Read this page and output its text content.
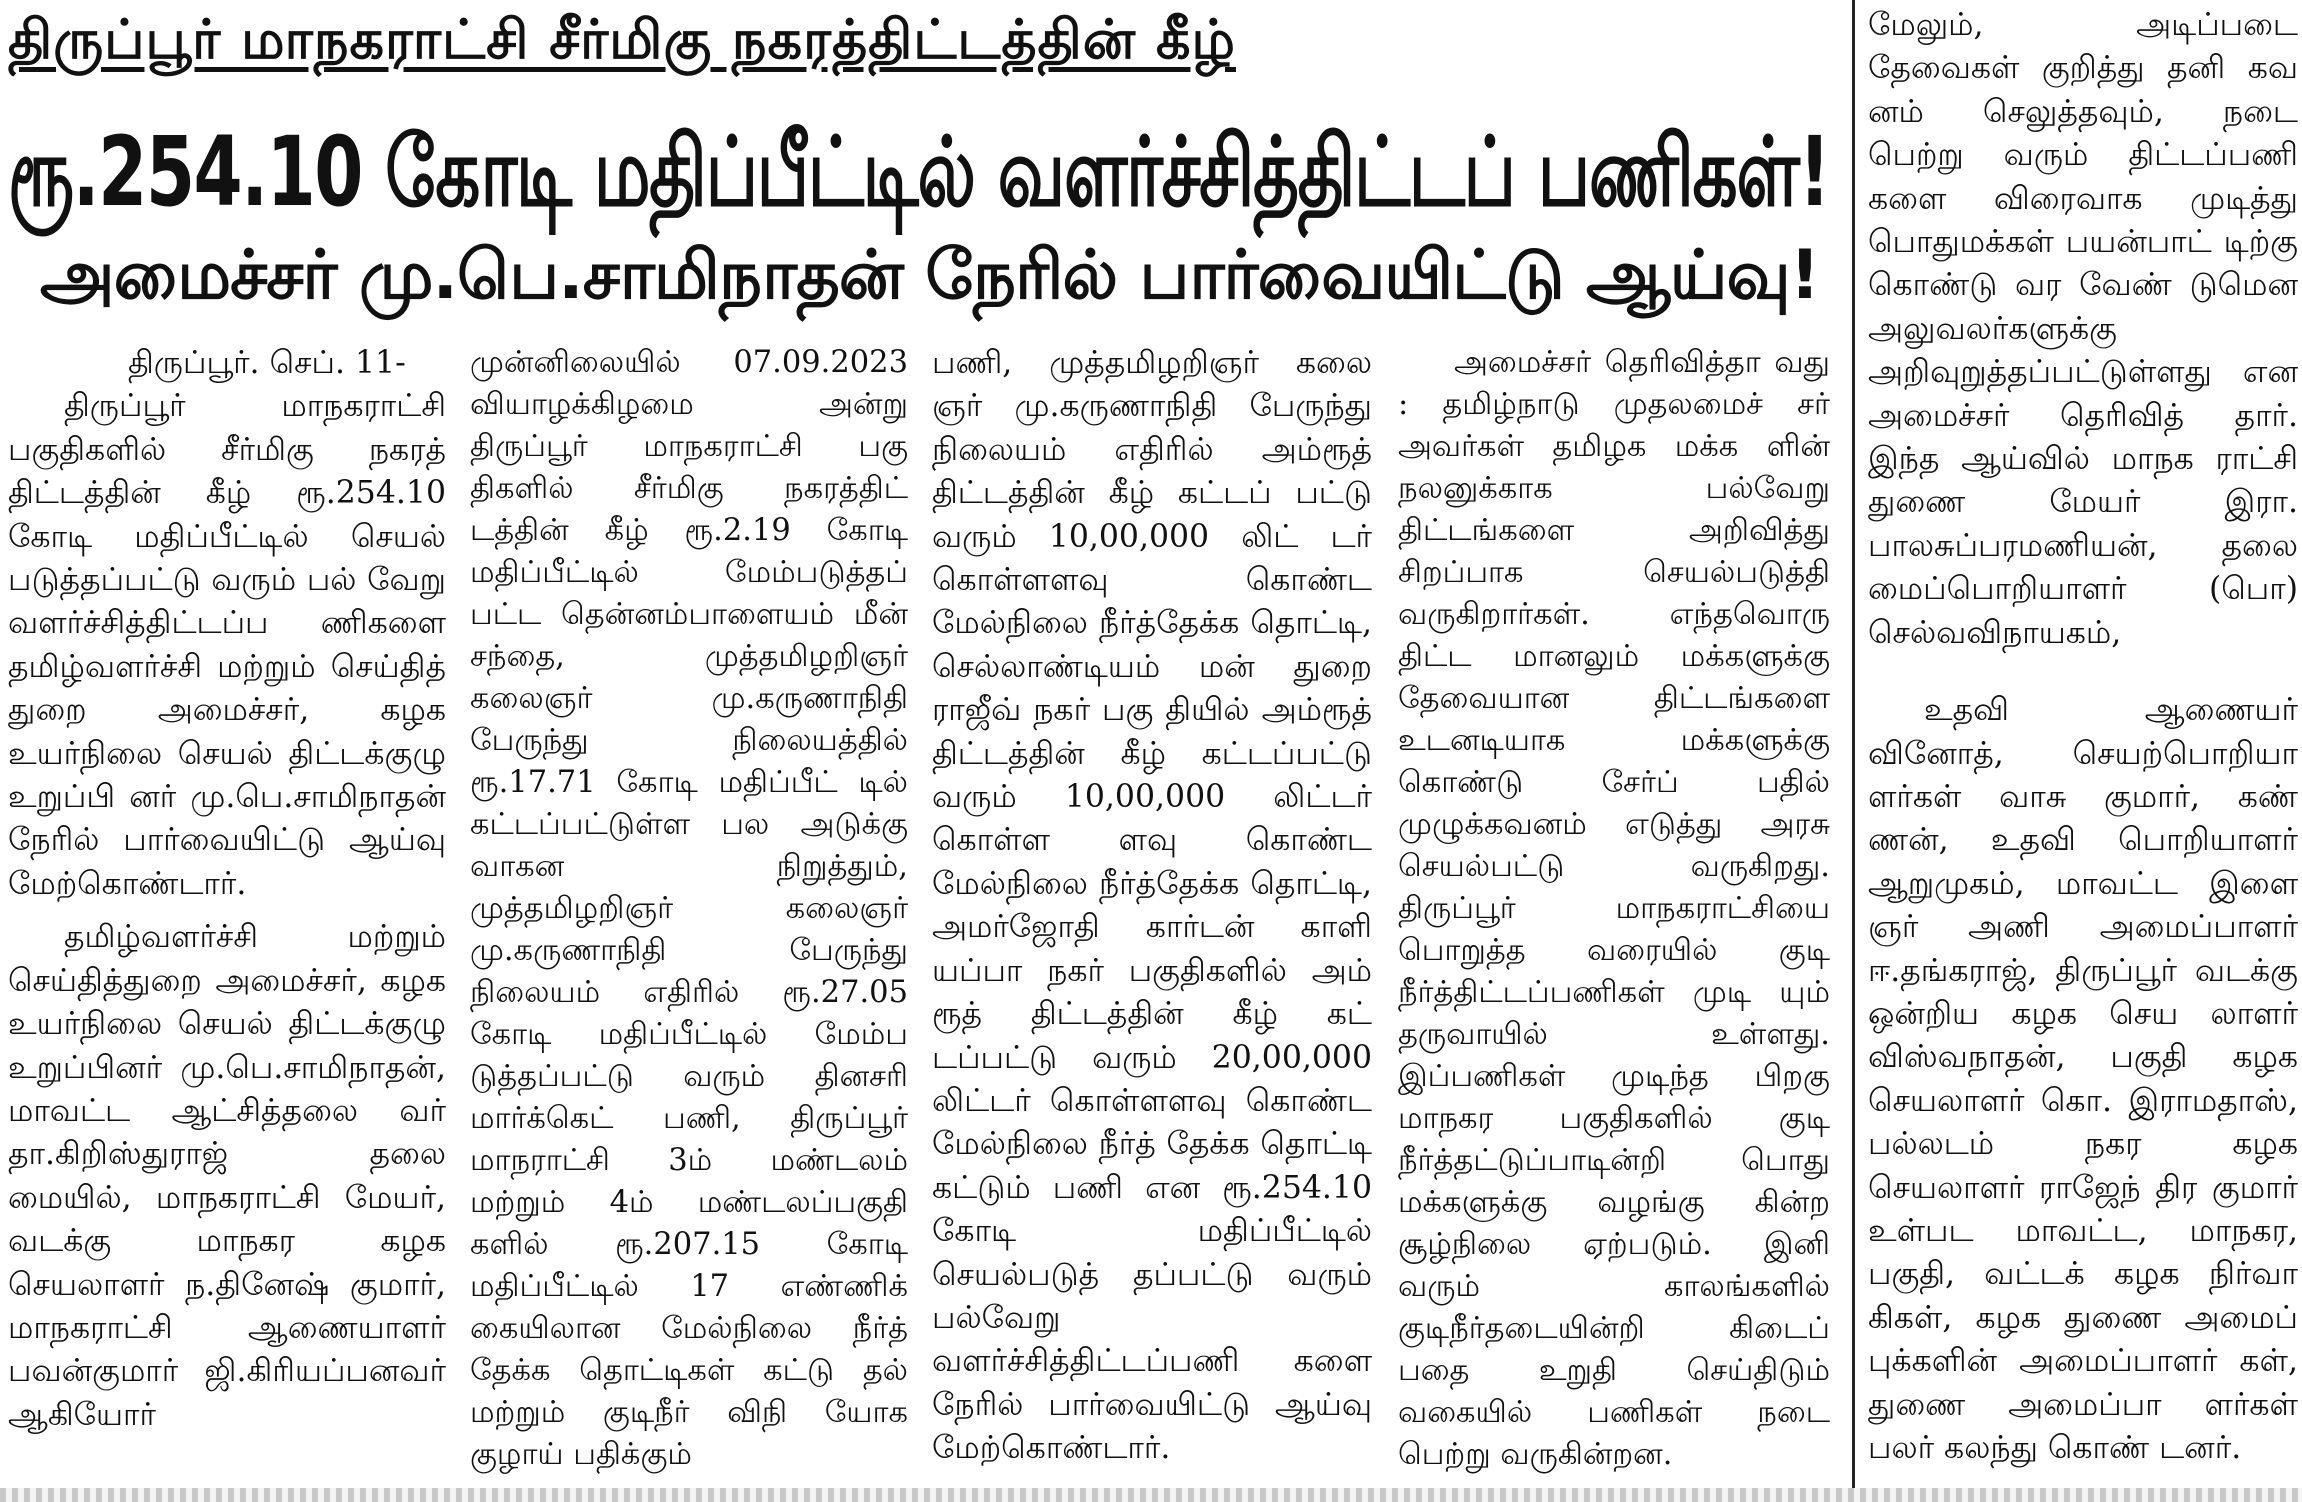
திருப்பூர் மாநகராட்சி சீர்மிகு நகரத்திட்டத்தின் கீழ்
ரூ.254.10 கோடி மதிப்பீட்டில் வளர்ச்சித்திட்டப் பணிகள்!
அமைச்சர் மு.பெ.சாமிநாதன் நேரில் பார்வையிட்டு ஆய்வு!

திருப்பூர். செப். 11-

திருப்பூர் மாநகராட்சி பகுதிகளில் சீர்மிகு நகரத் திட்டத்தின் கீழ் ரூ.254.10 கோடி மதிப்பீட்டில் செயல் படுத்தப்பட்டு வரும் பல் வேறு வளர்ச்சித்திட்டப்ப ணிகளை தமிழ்வளர்ச்சி மற்றும் செய்தித் துறை அமைச்சர், கழக உயர்நிலை செயல் திட்டக்குழு உறுப்பி னர் மு.பெ.சாமிநாதன் நேரில் பார்வையிட்டு ஆய்வு மேற்கொண்டார்.

தமிழ்வளர்ச்சி மற்றும் செய்தித்துறை அமைச்சர், கழக உயர்நிலை செயல் திட்டக்குழு உறுப்பினர் மு.பெ.சாமிநாதன், மாவட்ட ஆட்சித்தலை வர் தா.கிறிஸ்துராஜ் தலை மையில், மாநகராட்சி மேயர், வடக்கு மாநகர கழக செயலாளர் ந.தினேஷ் குமார், மாநகராட்சி ஆணையாளர் பவன்குமார் ஜி.கிரியப்பனவர் ஆகியோர்

முன்னிலையில் 07.09.2023 வியாழக்கிழமை அன்று திருப்பூர் மாநகராட்சி பகு திகளில் சீர்மிகு நகரத்திட் டத்தின் கீழ் ரூ.2.19 கோடி மதிப்பீட்டில் மேம்படுத்தப் பட்ட தென்னம்பாளையம் மீன் சந்தை, முத்தமிழறிஞர் கலைஞர் மு.கருணாநிதி பேருந்து நிலையத்தில் ரூ.17.71 கோடி மதிப்பீட் டில் கட்டப்பட்டுள்ள பல அடுக்கு வாகன நிறுத்தும், முத்தமிழறிஞர் கலைஞர் மு.கருணாநிதி பேருந்து நிலையம் எதிரில் ரூ.27.05 கோடி மதிப்பீட்டில் மேம்ப டுத்தப்பட்டு வரும் தினசரி மார்க்கெட் பணி, திருப்பூர் மாநராட்சி 3ம் மண்டலம் மற்றும் 4ம் மண்டலப்பகுதி களில் ரூ.207.15 கோடி மதிப்பீட்டில் 17 எண்ணிக் கையிலான மேல்நிலை நீர்த் தேக்க தொட்டிகள் கட்டு தல் மற்றும் குடிநீர் விநி யோக குழாய் பதிக்கும்

பணி, முத்தமிழறிஞர் கலை ஞர் மு.கருணாநிதி பேருந்து நிலையம் எதிரில் அம்ரூத் திட்டத்தின் கீழ் கட்டப் பட்டு வரும் 10,00,000 லிட் டர் கொள்ளளவு கொண்ட மேல்நிலை நீர்த்தேக்க தொட்டி, செல்லாண்டியம் மன் துறை ராஜீவ் நகர் பகு தியில் அம்ரூத் திட்டத்தின் கீழ் கட்டப்பட்டு வரும் 10,00,000 லிட்டர் கொள்ள ளவு கொண்ட மேல்நிலை நீர்த்தேக்க தொட்டி, அமர்ஜோதி கார்டன் காளி யப்பா நகர் பகுதிகளில் அம் ரூத் திட்டத்தின் கீழ் கட் டப்பட்டு வரும் 20,00,000 லிட்டர் கொள்ளளவு கொண்ட மேல்நிலை நீர்த் தேக்க தொட்டி கட்டும் பணி என ரூ.254.10 கோடி மதிப்பீட்டில் செயல்படுத் தப்பட்டு வரும் பல்வேறு வளர்ச்சித்திட்டப்பணி களை நேரில் பார்வையிட்டு ஆய்வு மேற்கொண்டார்.

அமைச்சர் தெரிவித்தா வது : தமிழ்நாடு முதலமைச் சர் அவர்கள் தமிழக மக்க ளின் நலனுக்காக பல்வேறு திட்டங்களை அறிவித்து சிறப்பாக செயல்படுத்தி வருகிறார்கள். எந்தவொரு திட்ட மானலும் மக்களுக்கு தேவையான திட்டங்களை உடனடியாக மக்களுக்கு கொண்டு சேர்ப் பதில் முழுக்கவனம் எடுத்து அரசு செயல்பட்டு வருகிறது. திருப்பூர் மாநகராட்சியை பொறுத்த வரையில் குடி நீர்த்திட்டப்பணிகள் முடி யும் தருவாயில் உள்ளது. இப்பணிகள் முடிந்த பிறகு மாநகர பகுதிகளில் குடி நீர்த்தட்டுப்பாடின்றி பொது மக்களுக்கு வழங்கு கின்ற சூழ்நிலை ஏற்படும். இனி வரும் காலங்களில் குடிநீர்தடையின்றி கிடைப் பதை உறுதி செய்திடும் வகையில் பணிகள் நடை பெற்று வருகின்றன.

மேலும், அடிப்படை தேவைகள் குறித்து தனி கவ னம் செலுத்தவும், நடை பெற்று வரும் திட்டப்பணி களை விரைவாக முடித்து பொதுமக்கள் பயன்பாட் டிற்கு கொண்டு வர வேண் டுமென அலுவலர்களுக்கு அறிவுறுத்தப்பட்டுள்ளது என அமைச்சர் தெரிவித் தார். இந்த ஆய்வில் மாநக ராட்சி துணை மேயர் இரா. பாலசுப்பரமணியன், தலை மைப்பொறியாளர் (பொ) செல்வவிநாயகம்,

உதவி ஆணையர் வினோத், செயற்பொறியா ளர்கள் வாசு குமார், கண் ணன், உதவி பொறியாளர் ஆறுமுகம், மாவட்ட இளை ஞர் அணி அமைப்பாளர் ஈ.தங்கராஜ், திருப்பூர் வடக்கு ஒன்றிய கழக செய லாளர் விஸ்வநாதன், பகுதி கழக செயலாளர் கொ. இராமதாஸ், பல்லடம் நகர கழக செயலாளர் ராஜேந் திர குமார் உள்பட மாவட்ட, மாநகர, பகுதி, வட்டக் கழக நிர்வா கிகள், கழக துணை அமைப் புக்களின் அமைப்பாளர் கள், துணை அமைப்பா ளர்கள் பலர் கலந்து கொண் டனர்.
